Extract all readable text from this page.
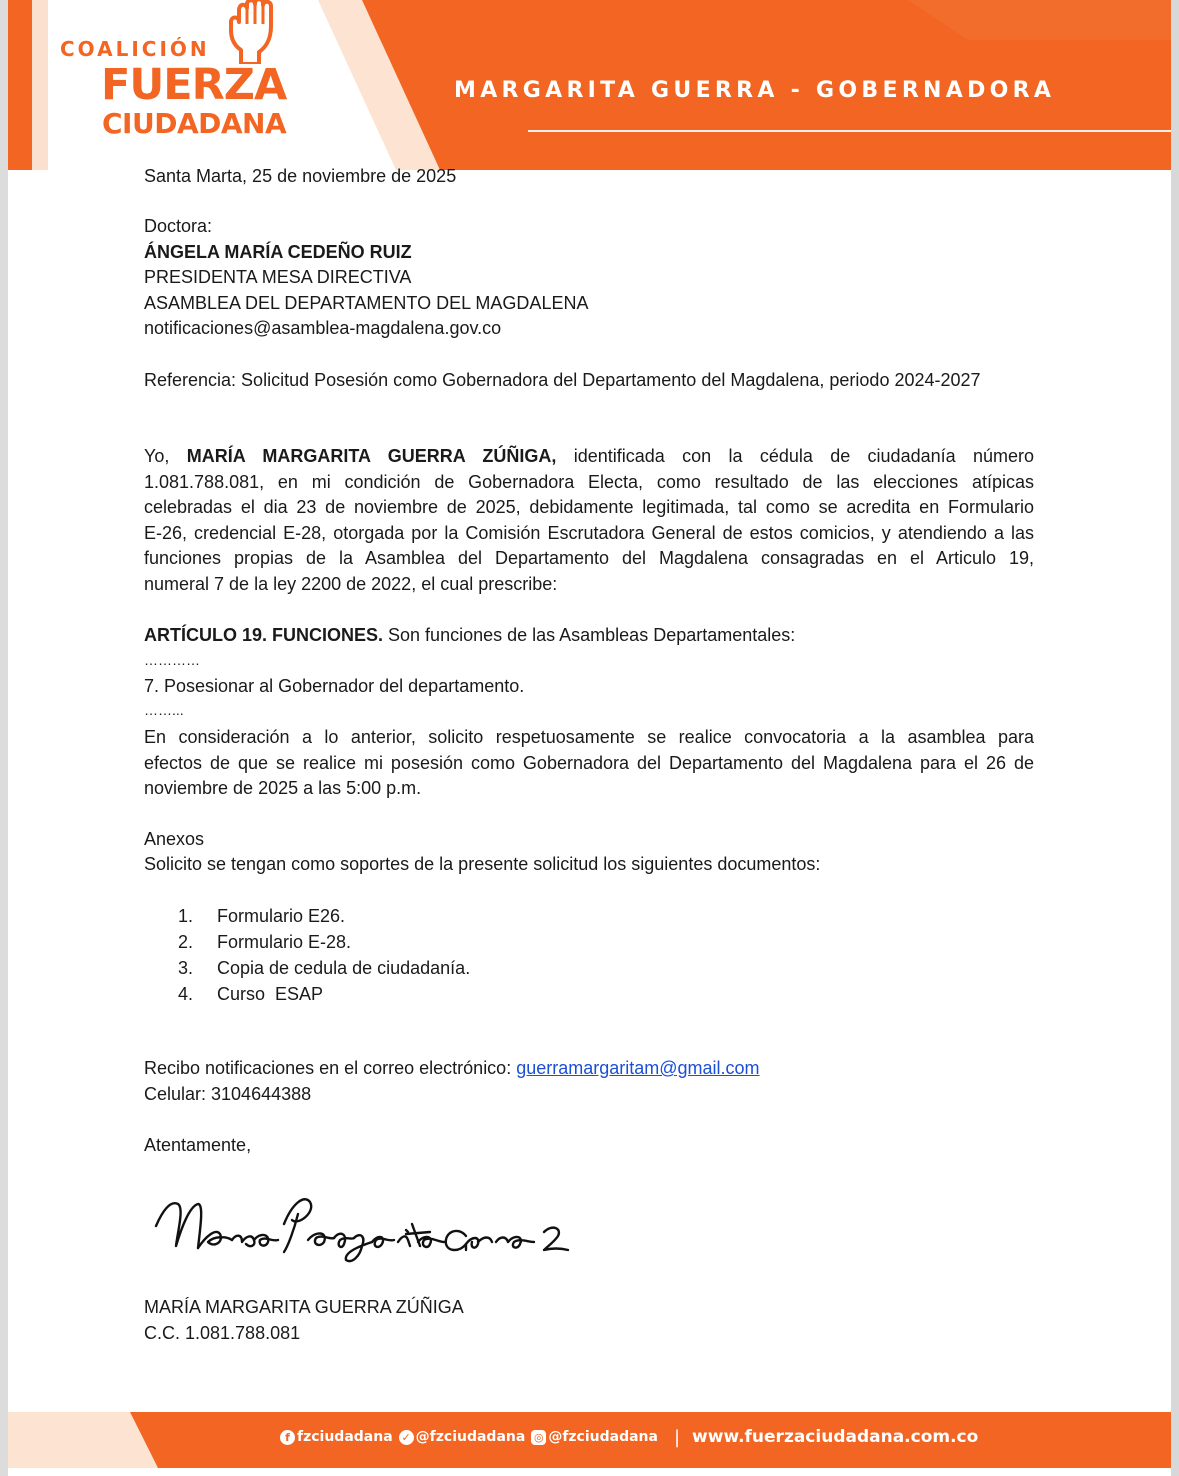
COALICIÓN
FUERZA
CIUDADANA
MARGARITA GUERRA - GOBERNADORA
Santa Marta, 25 de noviembre de 2025
Doctora:
ÁNGELA MARÍA CEDEÑO RUIZ
PRESIDENTA MESA DIRECTIVA
ASAMBLEA DEL DEPARTAMENTO DEL MAGDALENA
notificaciones@asamblea-magdalena.gov.co
Referencia: Solicitud Posesión como Gobernadora del Departamento del Magdalena, periodo 2024-2027
Yo, MARÍA MARGARITA GUERRA ZÚÑIGA, identificada con la cédula de ciudadanía número
1.081.788.081, en mi condición de Gobernadora Electa, como resultado de las elecciones atípicas
celebradas el dia 23 de noviembre de 2025, debidamente legitimada, tal como se acredita en Formulario
E-26, credencial E-28, otorgada por la Comisión Escrutadora General de estos comicios, y atendiendo a las
funciones propias de la Asamblea del Departamento del Magdalena consagradas en el Articulo 19,
numeral 7 de la ley 2200 de 2022, el cual prescribe:
ARTÍCULO 19. FUNCIONES. Son funciones de las Asambleas Departamentales:
…………
7. Posesionar al Gobernador del departamento.
……...
En consideración a lo anterior, solicito respetuosamente se realice convocatoria a la asamblea para
efectos de que se realice mi posesión como Gobernadora del Departamento del Magdalena para el 26 de
noviembre de 2025 a las 5:00 p.m.
Anexos
Solicito se tengan como soportes de la presente solicitud los siguientes documentos:
1.	Formulario E26.
2.	Formulario E-28.
3.	Copia de cedula de ciudadanía.
4.	Curso  ESAP
Recibo notificaciones en el correo electrónico: guerramargaritam@gmail.com
Celular: 3104644388
Atentamente,
MARÍA MARGARITA GUERRA ZÚÑIGA
C.C. 1.081.788.081
f fzciudadana ✓ @fzciudadana ◎ @fzciudadana | www.fuerzaciudadana.com.co
